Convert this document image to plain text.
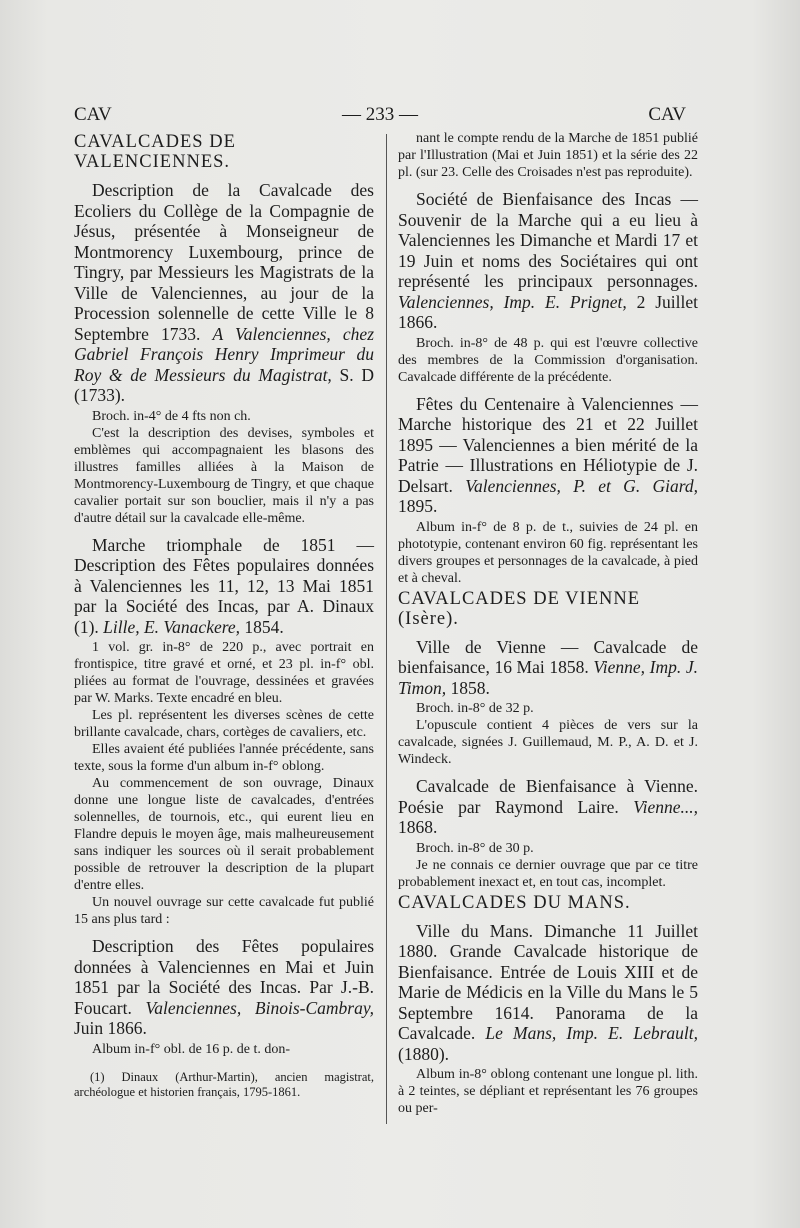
CAV	— 233 —	CAV

CAVALCADES DE VALENCIENNES.

Description de la Cavalcade des Ecoliers du Collège de la Compagnie de Jésus, présentée à Monseigneur de Montmorency Luxembourg, prince de Tingry, par Messieurs les Magistrats de la Ville de Valenciennes, au jour de la Procession solennelle de cette Ville le 8 Septembre 1733. A Valenciennes, chez Gabriel François Henry Imprimeur du Roy & de Messieurs du Magistrat, S. D (1733).

Broch. in-4° de 4 fts non ch.

C'est la description des devises, symboles et emblèmes qui accompagnaient les blasons des illustres familles alliées à la Maison de Montmorency-Luxembourg de Tingry, et que chaque cavalier portait sur son bouclier, mais il n'y a pas d'autre détail sur la cavalcade elle-même.

Marche triomphale de 1851 — Description des Fêtes populaires données à Valenciennes les 11, 12, 13 Mai 1851 par la Société des Incas, par A. Dinaux (1). Lille, E. Vanackere, 1854.

1 vol. gr. in-8° de 220 p., avec portrait en frontispice, titre gravé et orné, et 23 pl. in-f° obl. pliées au format de l'ouvrage, dessinées et gravées par W. Marks. Texte encadré en bleu.

Les pl. représentent les diverses scènes de cette brillante cavalcade, chars, cortèges de cavaliers, etc.

Elles avaient été publiées l'année précédente, sans texte, sous la forme d'un album in-f° oblong.

Au commencement de son ouvrage, Dinaux donne une longue liste de cavalcades, d'entrées solennelles, de tournois, etc., qui eurent lieu en Flandre depuis le moyen âge, mais malheureusement sans indiquer les sources où il serait probablement possible de retrouver la description de la plupart d'entre elles.

Un nouvel ouvrage sur cette cavalcade fut publié 15 ans plus tard :

Description des Fêtes populaires données à Valenciennes en Mai et Juin 1851 par la Société des Incas. Par J.-B. Foucart. Valenciennes, Binois-Cambray, Juin 1866.

Album in-f° obl. de 16 p. de t. don-

(1) Dinaux (Arthur-Martin), ancien magistrat, archéologue et historien français, 1795-1861.

nant le compte rendu de la Marche de 1851 publié par l'Illustration (Mai et Juin 1851) et la série des 22 pl. (sur 23. Celle des Croisades n'est pas reproduite).

Société de Bienfaisance des Incas — Souvenir de la Marche qui a eu lieu à Valenciennes les Dimanche et Mardi 17 et 19 Juin et noms des Sociétaires qui ont représenté les principaux personnages. Valenciennes, Imp. E. Prignet, 2 Juillet 1866.

Broch. in-8° de 48 p. qui est l'œuvre collective des membres de la Commission d'organisation. Cavalcade différente de la précédente.

Fêtes du Centenaire à Valenciennes — Marche historique des 21 et 22 Juillet 1895 — Valenciennes a bien mérité de la Patrie — Illustrations en Héliotypie de J. Delsart. Valenciennes, P. et G. Giard, 1895.

Album in-f° de 8 p. de t., suivies de 24 pl. en phototypie, contenant environ 60 fig. représentant les divers groupes et personnages de la cavalcade, à pied et à cheval.

CAVALCADES DE VIENNE (Isère).

Ville de Vienne — Cavalcade de bienfaisance, 16 Mai 1858. Vienne, Imp. J. Timon, 1858.

Broch. in-8° de 32 p.

L'opuscule contient 4 pièces de vers sur la cavalcade, signées J. Guillemaud, M. P., A. D. et J. Windeck.

Cavalcade de Bienfaisance à Vienne. Poésie par Raymond Laire. Vienne..., 1868.

Broch. in-8° de 30 p.

Je ne connais ce dernier ouvrage que par ce titre probablement inexact et, en tout cas, incomplet.

CAVALCADES DU MANS.

Ville du Mans. Dimanche 11 Juillet 1880. Grande Cavalcade historique de Bienfaisance. Entrée de Louis XIII et de Marie de Médicis en la Ville du Mans le 5 Septembre 1614. Panorama de la Cavalcade. Le Mans, Imp. E. Lebrault, (1880).

Album in-8° oblong contenant une longue pl. lith. à 2 teintes, se dépliant et représentant les 76 groupes ou per-
